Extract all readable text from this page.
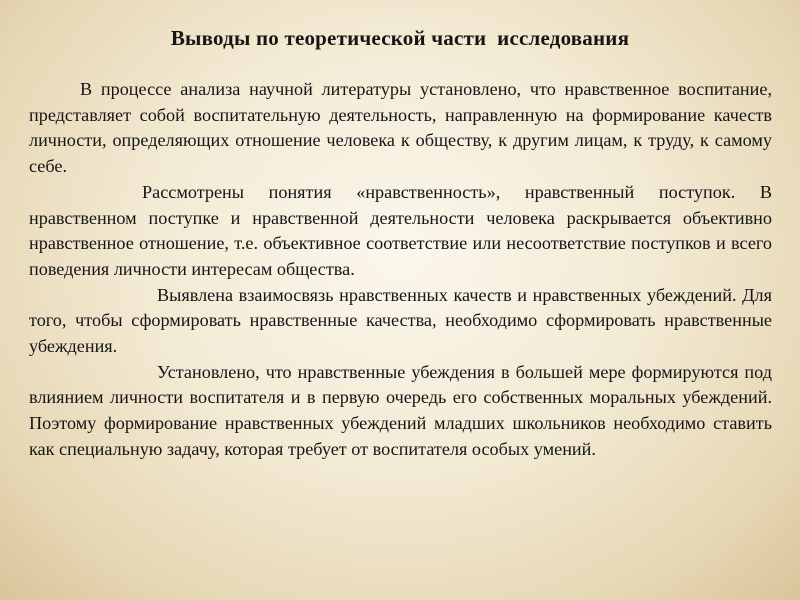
Выводы по теоретической части  исследования

В процессе анализа научной литературы установлено, что нравственное воспитание, представляет собой воспитательную деятельность, направленную на формирование качеств личности, определяющих отношение человека к обществу, к другим лицам, к труду, к самому себе.

Рассмотрены понятия «нравственность», нравственный поступок. В нравственном поступке и нравственной деятельности человека раскрывается объективно нравственное отношение, т.е. объективное соответствие или несоответствие поступков и всего поведения личности интересам общества.

Выявлена взаимосвязь нравственных качеств и нравственных убеждений. Для того, чтобы сформировать нравственные качества, необходимо сформировать нравственные убеждения.

Установлено, что нравственные убеждения в большей мере формируются под влиянием личности воспитателя и в первую очередь его собственных моральных убеждений. Поэтому формирование нравственных убеждений младших школьников необходимо ставить как специальную задачу, которая требует от воспитателя особых умений.
